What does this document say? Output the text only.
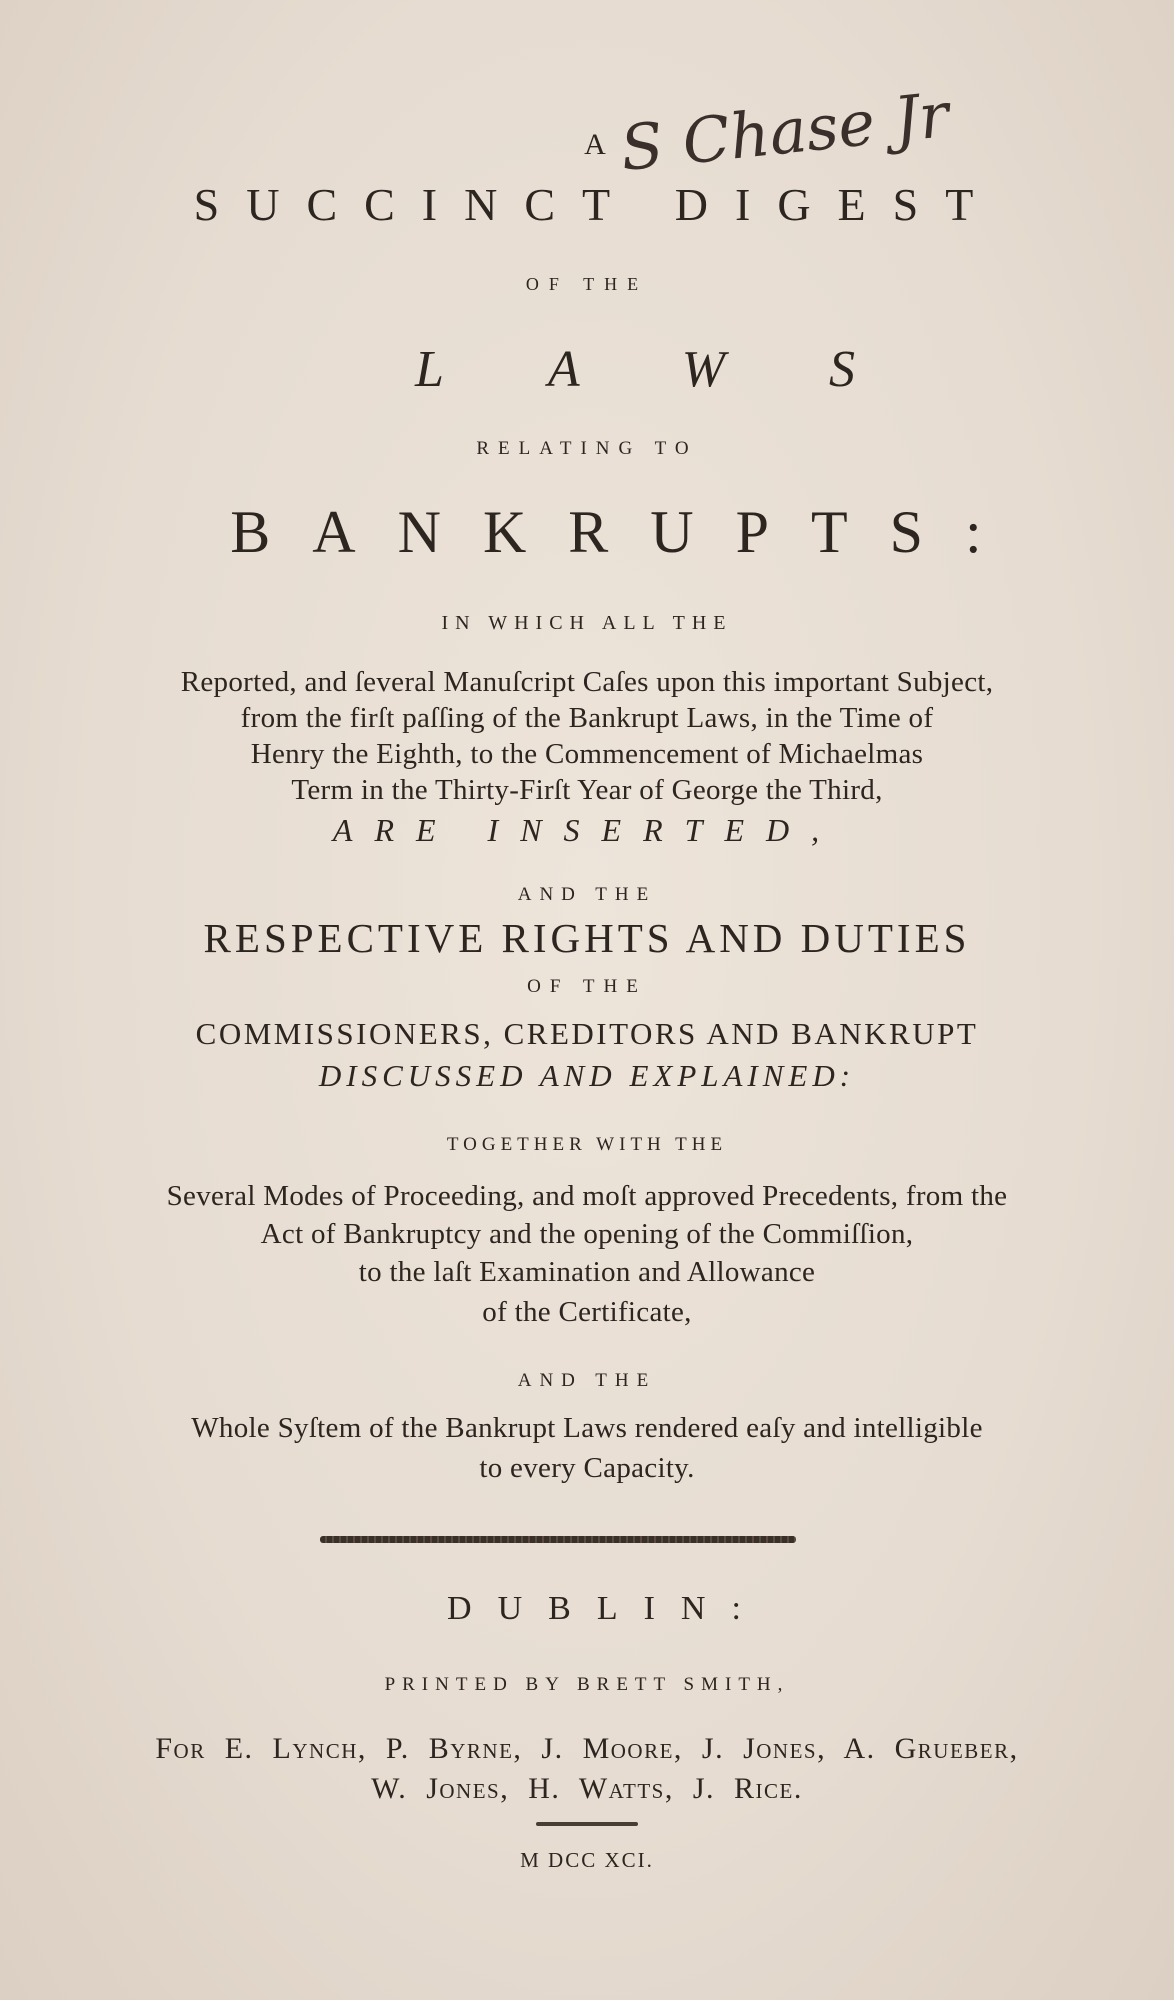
S Chase Jr
A
SUCCINCT DIGEST
OF THE
LAWS
RELATING TO
BANKRUPTS:
IN WHICH ALL THE
Reported, and ſeveral Manuſcript Caſes upon this important Subject,
from the firſt paſſing of the Bankrupt Laws, in the Time of
Henry the Eighth, to the Commencement of Michaelmas
Term in the Thirty-Firſt Year of George the Third,
ARE INSERTED,
AND THE
RESPECTIVE RIGHTS AND DUTIES
OF THE
COMMISSIONERS, CREDITORS AND BANKRUPT
DISCUSSED AND EXPLAINED:
TOGETHER WITH THE
Several Modes of Proceeding, and moſt approved Precedents, from the
Act of Bankruptcy and the opening of the Commiſſion,
to the laſt Examination and Allowance
of the Certificate,
AND THE
Whole Syſtem of the Bankrupt Laws rendered eaſy and intelligible
to every Capacity.
DUBLIN:
PRINTED BY BRETT SMITH,
For E. Lynch, P. Byrne, J. Moore, J. Jones, A. Grueber,
W. Jones, H. Watts, J. Rice.
M DCC XCI.
